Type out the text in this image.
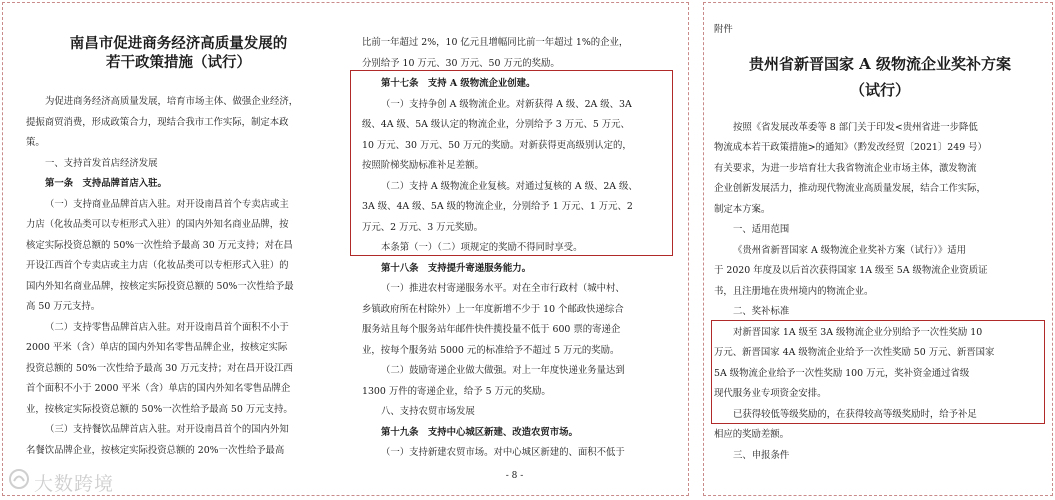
南昌市促进商务经济高质量发展的
若干政策措施（试行）

为促进商务经济高质量发展，培育市场主体、做强企业经济，

提振商贸消费，形成政策合力，现结合我市工作实际，制定本政

策。

一、支持首发首店经济发展

第一条　支持品牌首店入驻。

（一）支持商业品牌首店入驻。对开设南昌首个专卖店或主

力店（化妆品类可以专柜形式入驻）的国内外知名商业品牌，按

核定实际投资总额的 50%一次性给予最高 30 万元支持；对在昌

开设江西首个专卖店或主力店（化妆品类可以专柜形式入驻）的

国内外知名商业品牌，按核定实际投资总额的 50%一次性给予最

高 50 万元支持。

（二）支持零售品牌首店入驻。对开设南昌首个面积不小于

2000 平米（含）单店的国内外知名零售品牌企业，按核定实际

投资总额的 50%一次性给予最高 30 万元支持；对在昌开设江西

首个面积不小于 2000 平米（含）单店的国内外知名零售品牌企

业，按核定实际投资总额的 50%一次性给予最高 50 万元支持。

（三）支持餐饮品牌首店入驻。对开设南昌首个的国内外知

名餐饮品牌企业，按核定实际投资总额的 20%一次性给予最高

比前一年超过 2%，10 亿元且增幅同比前一年超过 1%的企业，

分别给予 10 万元、30 万元、50 万元的奖励。

第十七条　支持 A 级物流企业创建。

（一）支持争创 A 级物流企业。对新获得 A 级、2A 级、3A

级、4A 级、5A 级认定的物流企业，分别给予 3 万元、5 万元、

10 万元、30 万元、50 万元的奖励。对新获得更高级别认定的，

按照阶梯奖励标准补足差额。

（二）支持 A 级物流企业复核。对通过复核的 A 级、2A 级、

3A 级、4A 级、5A 级的物流企业，分别给予 1 万元、1 万元、2

万元、2 万元、3 万元奖励。

本条第（一）（二）项规定的奖励不得同时享受。

第十八条　支持提升寄递服务能力。

（一）推进农村寄递服务水平。对在全市行政村（城中村、

乡镇政府所在村除外）上一年度新增不少于 10 个邮政快递综合

服务站且每个服务站年邮件快件揽投量不低于 600 票的寄递企

业，按每个服务站 5000 元的标准给予不超过 5 万元的奖励。

（二）鼓励寄递企业做大做强。对上一年度快递业务量达到

1300 万件的寄递企业，给予 5 万元的奖励。

八、支持农贸市场发展

第十九条　支持中心城区新建、改造农贸市场。

（一）支持新建农贸市场。对中心城区新建的、面积不低于

- 8 -

附件

贵州省新晋国家 A 级物流企业奖补方案
（试行）

按照《省发展改革委等 8 部门关于印发<贵州省进一步降低

物流成本若干政策措施>的通知》（黔发改经贸〔2021〕249 号）

有关要求，为进一步培育壮大我省物流企业市场主体，激发物流

企业创新发展活力，推动现代物流业高质量发展，结合工作实际，

制定本方案。

一、适用范围

《贵州省新晋国家 A 级物流企业奖补方案（试行）》适用

于 2020 年度及以后首次获得国家 1A 级至 5A 级物流企业资质证

书，且注册地在贵州境内的物流企业。

二、奖补标准

对新晋国家 1A 级至 3A 级物流企业分别给予一次性奖励 10

万元、新晋国家 4A 级物流企业给予一次性奖励 50 万元、新晋国家

5A 级物流企业给予一次性奖励 100 万元，奖补资金通过省级

现代服务业专项资金安排。

已获得较低等级奖励的，在获得较高等级奖励时，给予补足

相应的奖励差额。

三、申报条件

大数跨境
